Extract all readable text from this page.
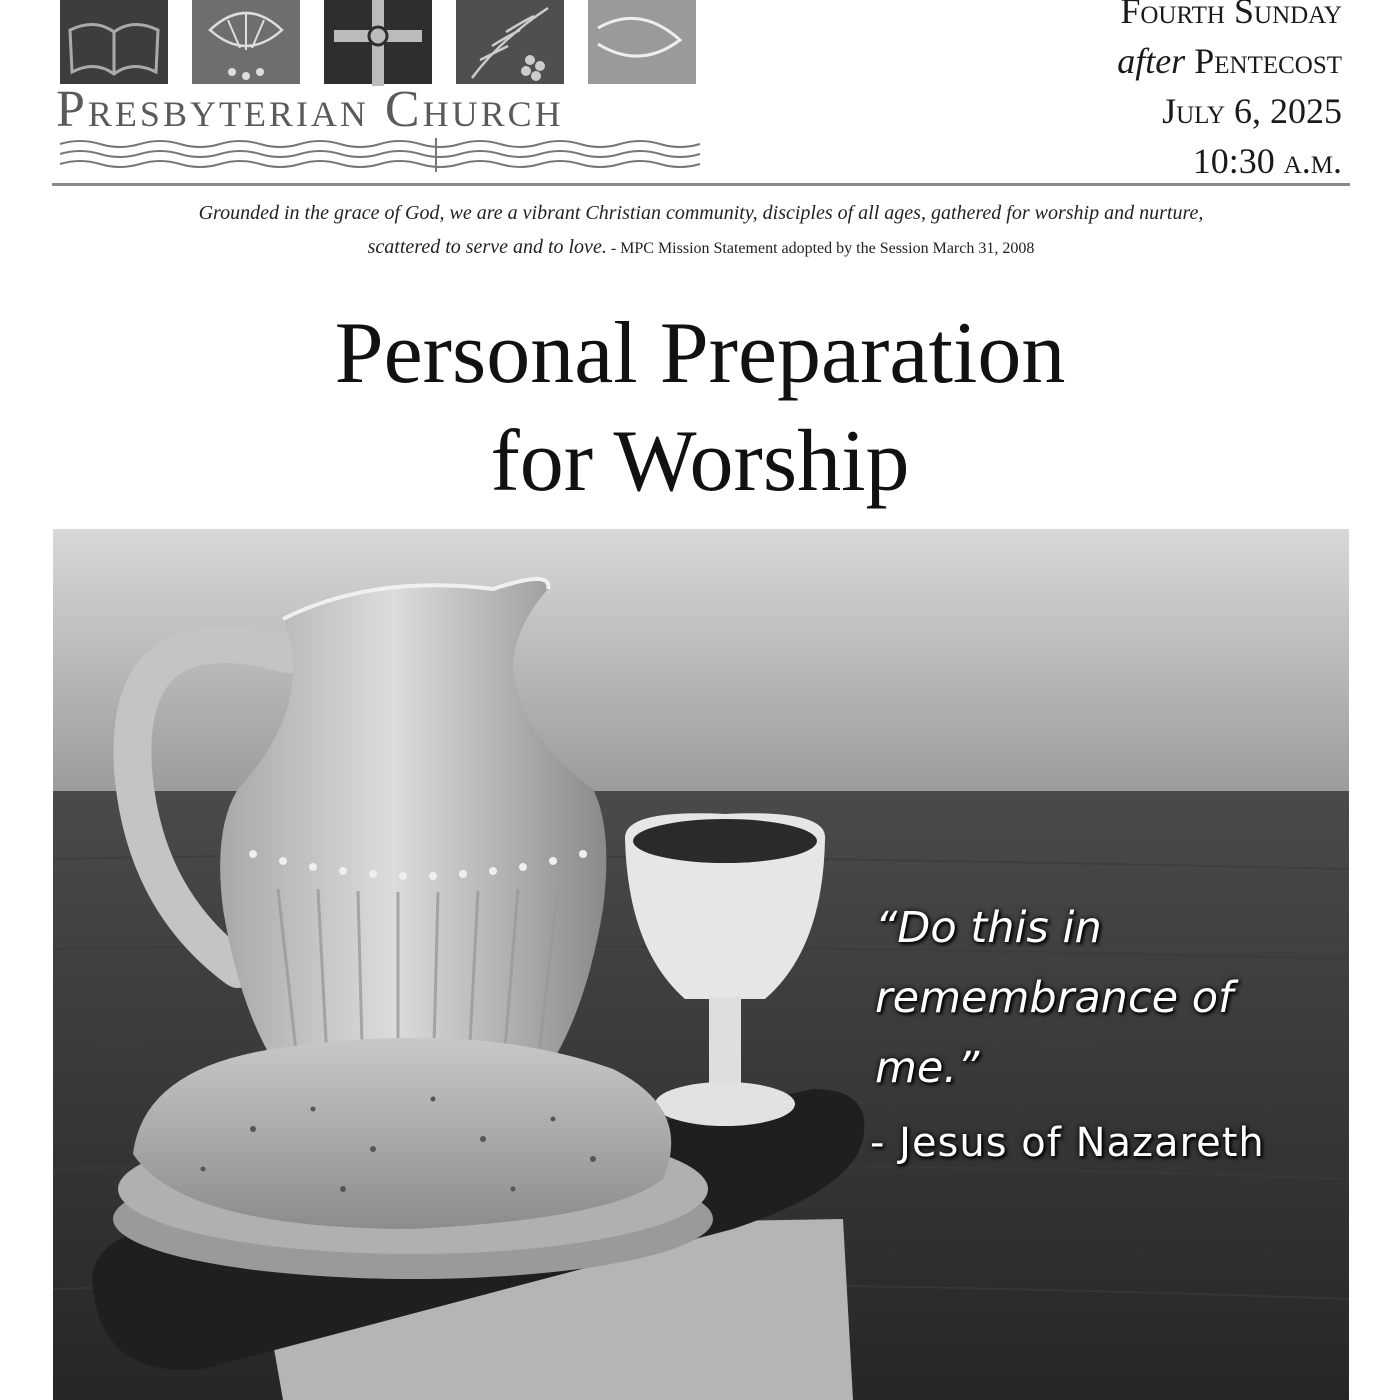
Presbyterian Church
Fourth Sunday
after Pentecost
July 6, 2025
10:30 a.m.
Grounded in the grace of God, we are a vibrant Christian community, disciples of all ages, gathered for worship and nurture,
scattered to serve and to love. - MPC Mission Statement adopted by the Session March 31, 2008
Personal Preparation
for Worship
“Do this in remembrance of me.”
- Jesus of Nazareth
